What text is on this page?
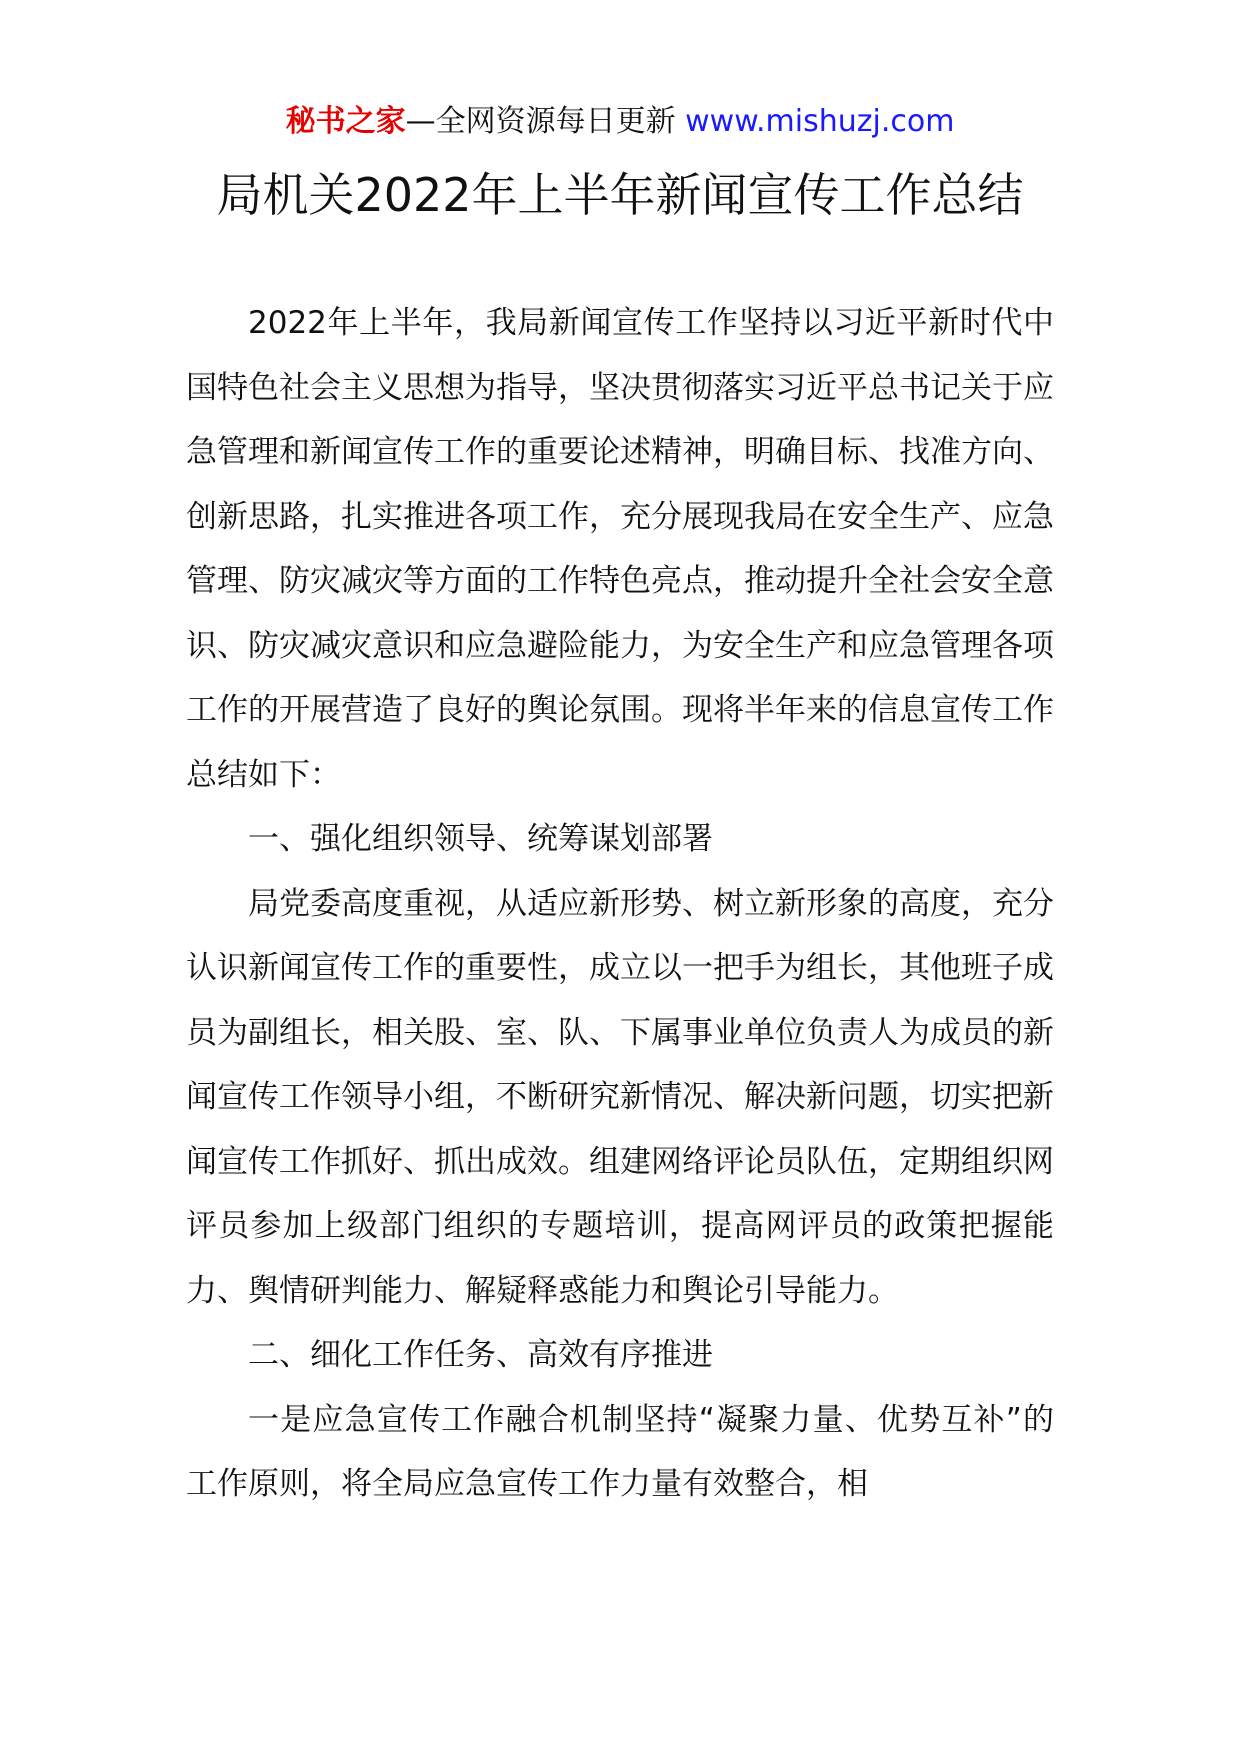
秘书之家—全网资源每日更新 www.mishuzj.com
局机关2022年上半年新闻宣传工作总结

2022年上半年，我局新闻宣传工作坚持以习近平新时代中国特色社会主义思想为指导，坚决贯彻落实习近平总书记关于应急管理和新闻宣传工作的重要论述精神，明确目标、找准方向、创新思路，扎实推进各项工作，充分展现我局在安全生产、应急管理、防灾减灾等方面的工作特色亮点，推动提升全社会安全意识、防灾减灾意识和应急避险能力，为安全生产和应急管理各项工作的开展营造了良好的舆论氛围。现将半年来的信息宣传工作总结如下：

一、强化组织领导、统筹谋划部署

局党委高度重视，从适应新形势、树立新形象的高度，充分认识新闻宣传工作的重要性，成立以一把手为组长，其他班子成员为副组长，相关股、室、队、下属事业单位负责人为成员的新闻宣传工作领导小组，不断研究新情况、解决新问题，切实把新闻宣传工作抓好、抓出成效。组建网络评论员队伍，定期组织网评员参加上级部门组织的专题培训，提高网评员的政策把握能力、舆情研判能力、解疑释惑能力和舆论引导能力。

二、细化工作任务、高效有序推进

一是应急宣传工作融合机制坚持“凝聚力量、优势互补”的工作原则，将全局应急宣传工作力量有效整合，相
